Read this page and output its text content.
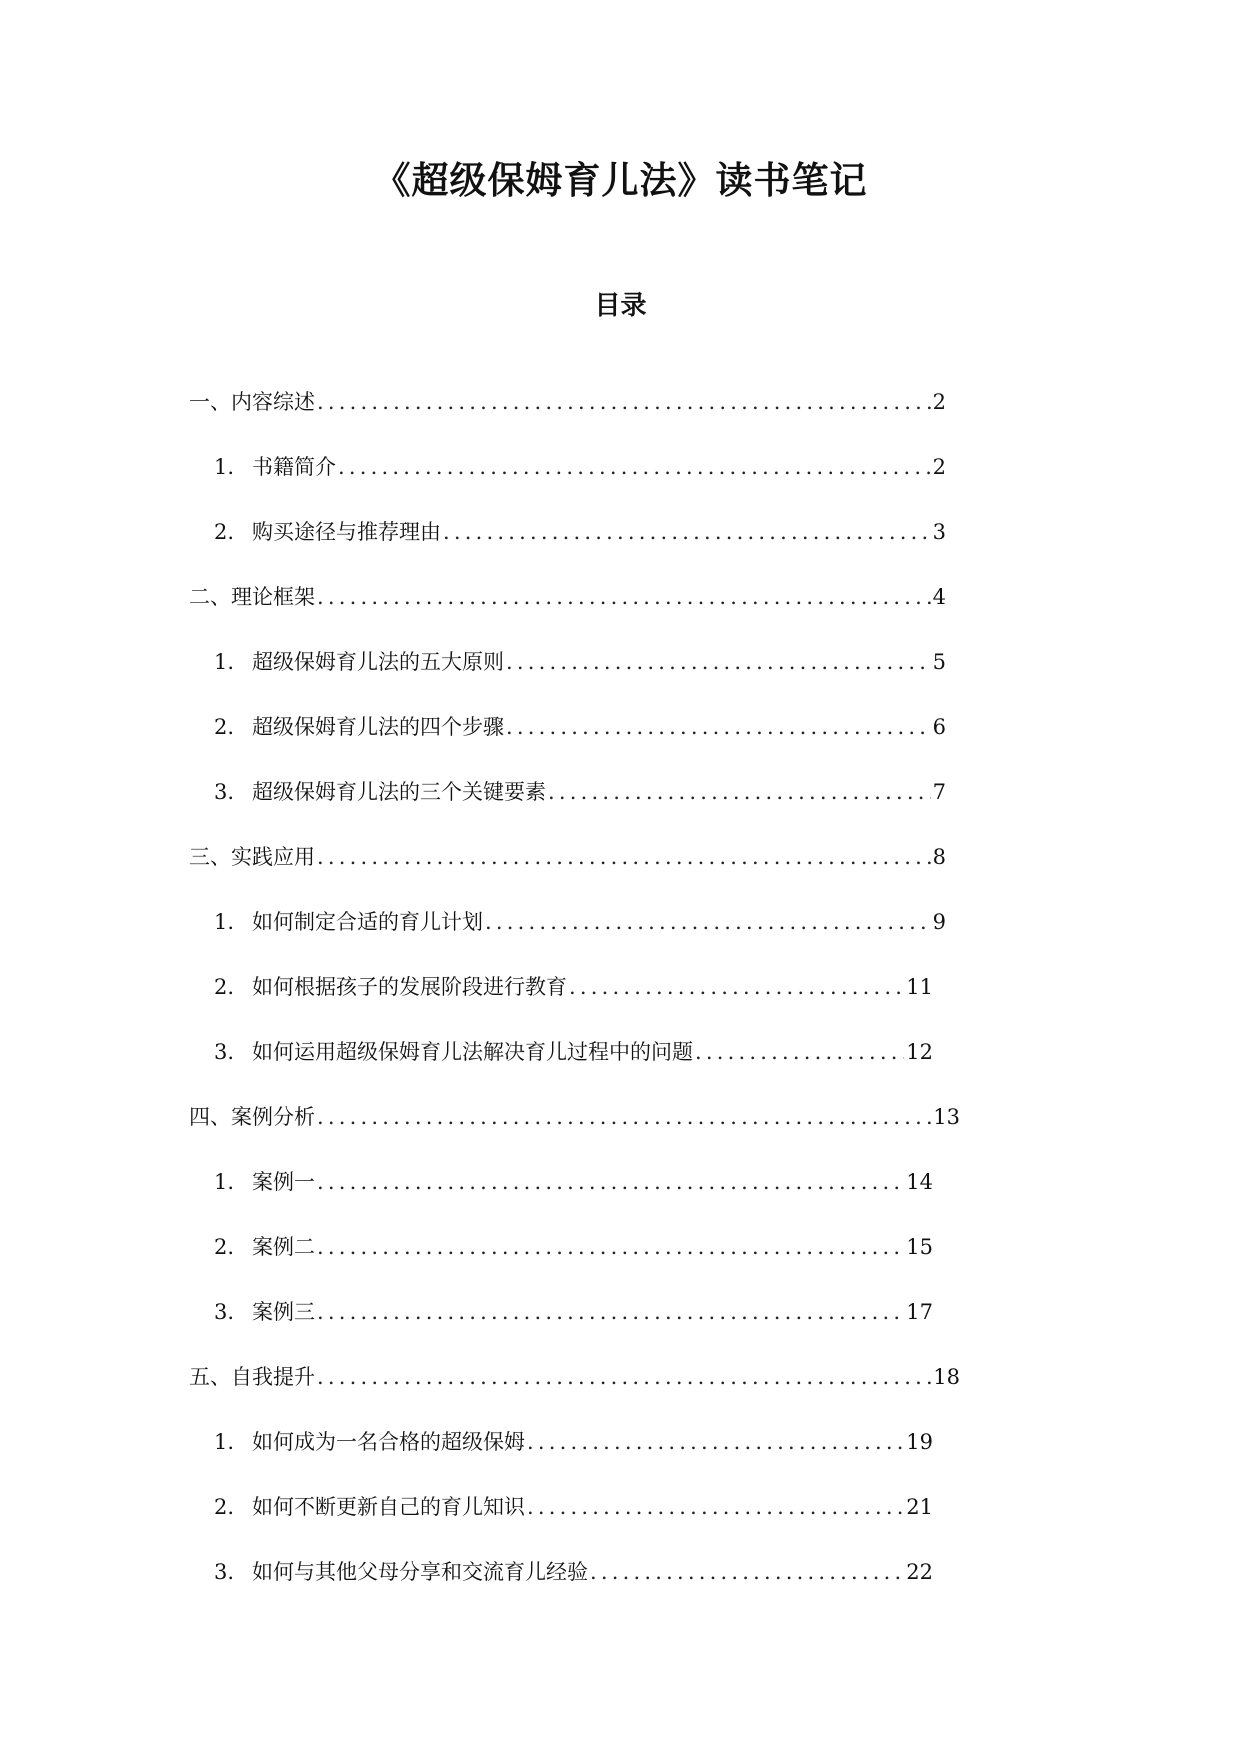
《超级保姆育儿法》读书笔记
目录
一、内容综述 .....	2
1. 书籍简介 .....	2
2. 购买途径与推荐理由 .....	3
二、理论框架 .....	4
1. 超级保姆育儿法的五大原则 .....	5
2. 超级保姆育儿法的四个步骤 .....	6
3. 超级保姆育儿法的三个关键要素 .....	7
三、实践应用 .....	8
1. 如何制定合适的育儿计划 .....	9
2. 如何根据孩子的发展阶段进行教育 .....	11
3. 如何运用超级保姆育儿法解决育儿过程中的问题 .....	12
四、案例分析 .....	13
1. 案例一 .....	14
2. 案例二 .....	15
3. 案例三 .....	17
五、自我提升 .....	18
1. 如何成为一名合格的超级保姆 .....	19
2. 如何不断更新自己的育儿知识 .....	21
3. 如何与其他父母分享和交流育儿经验 .....	22
